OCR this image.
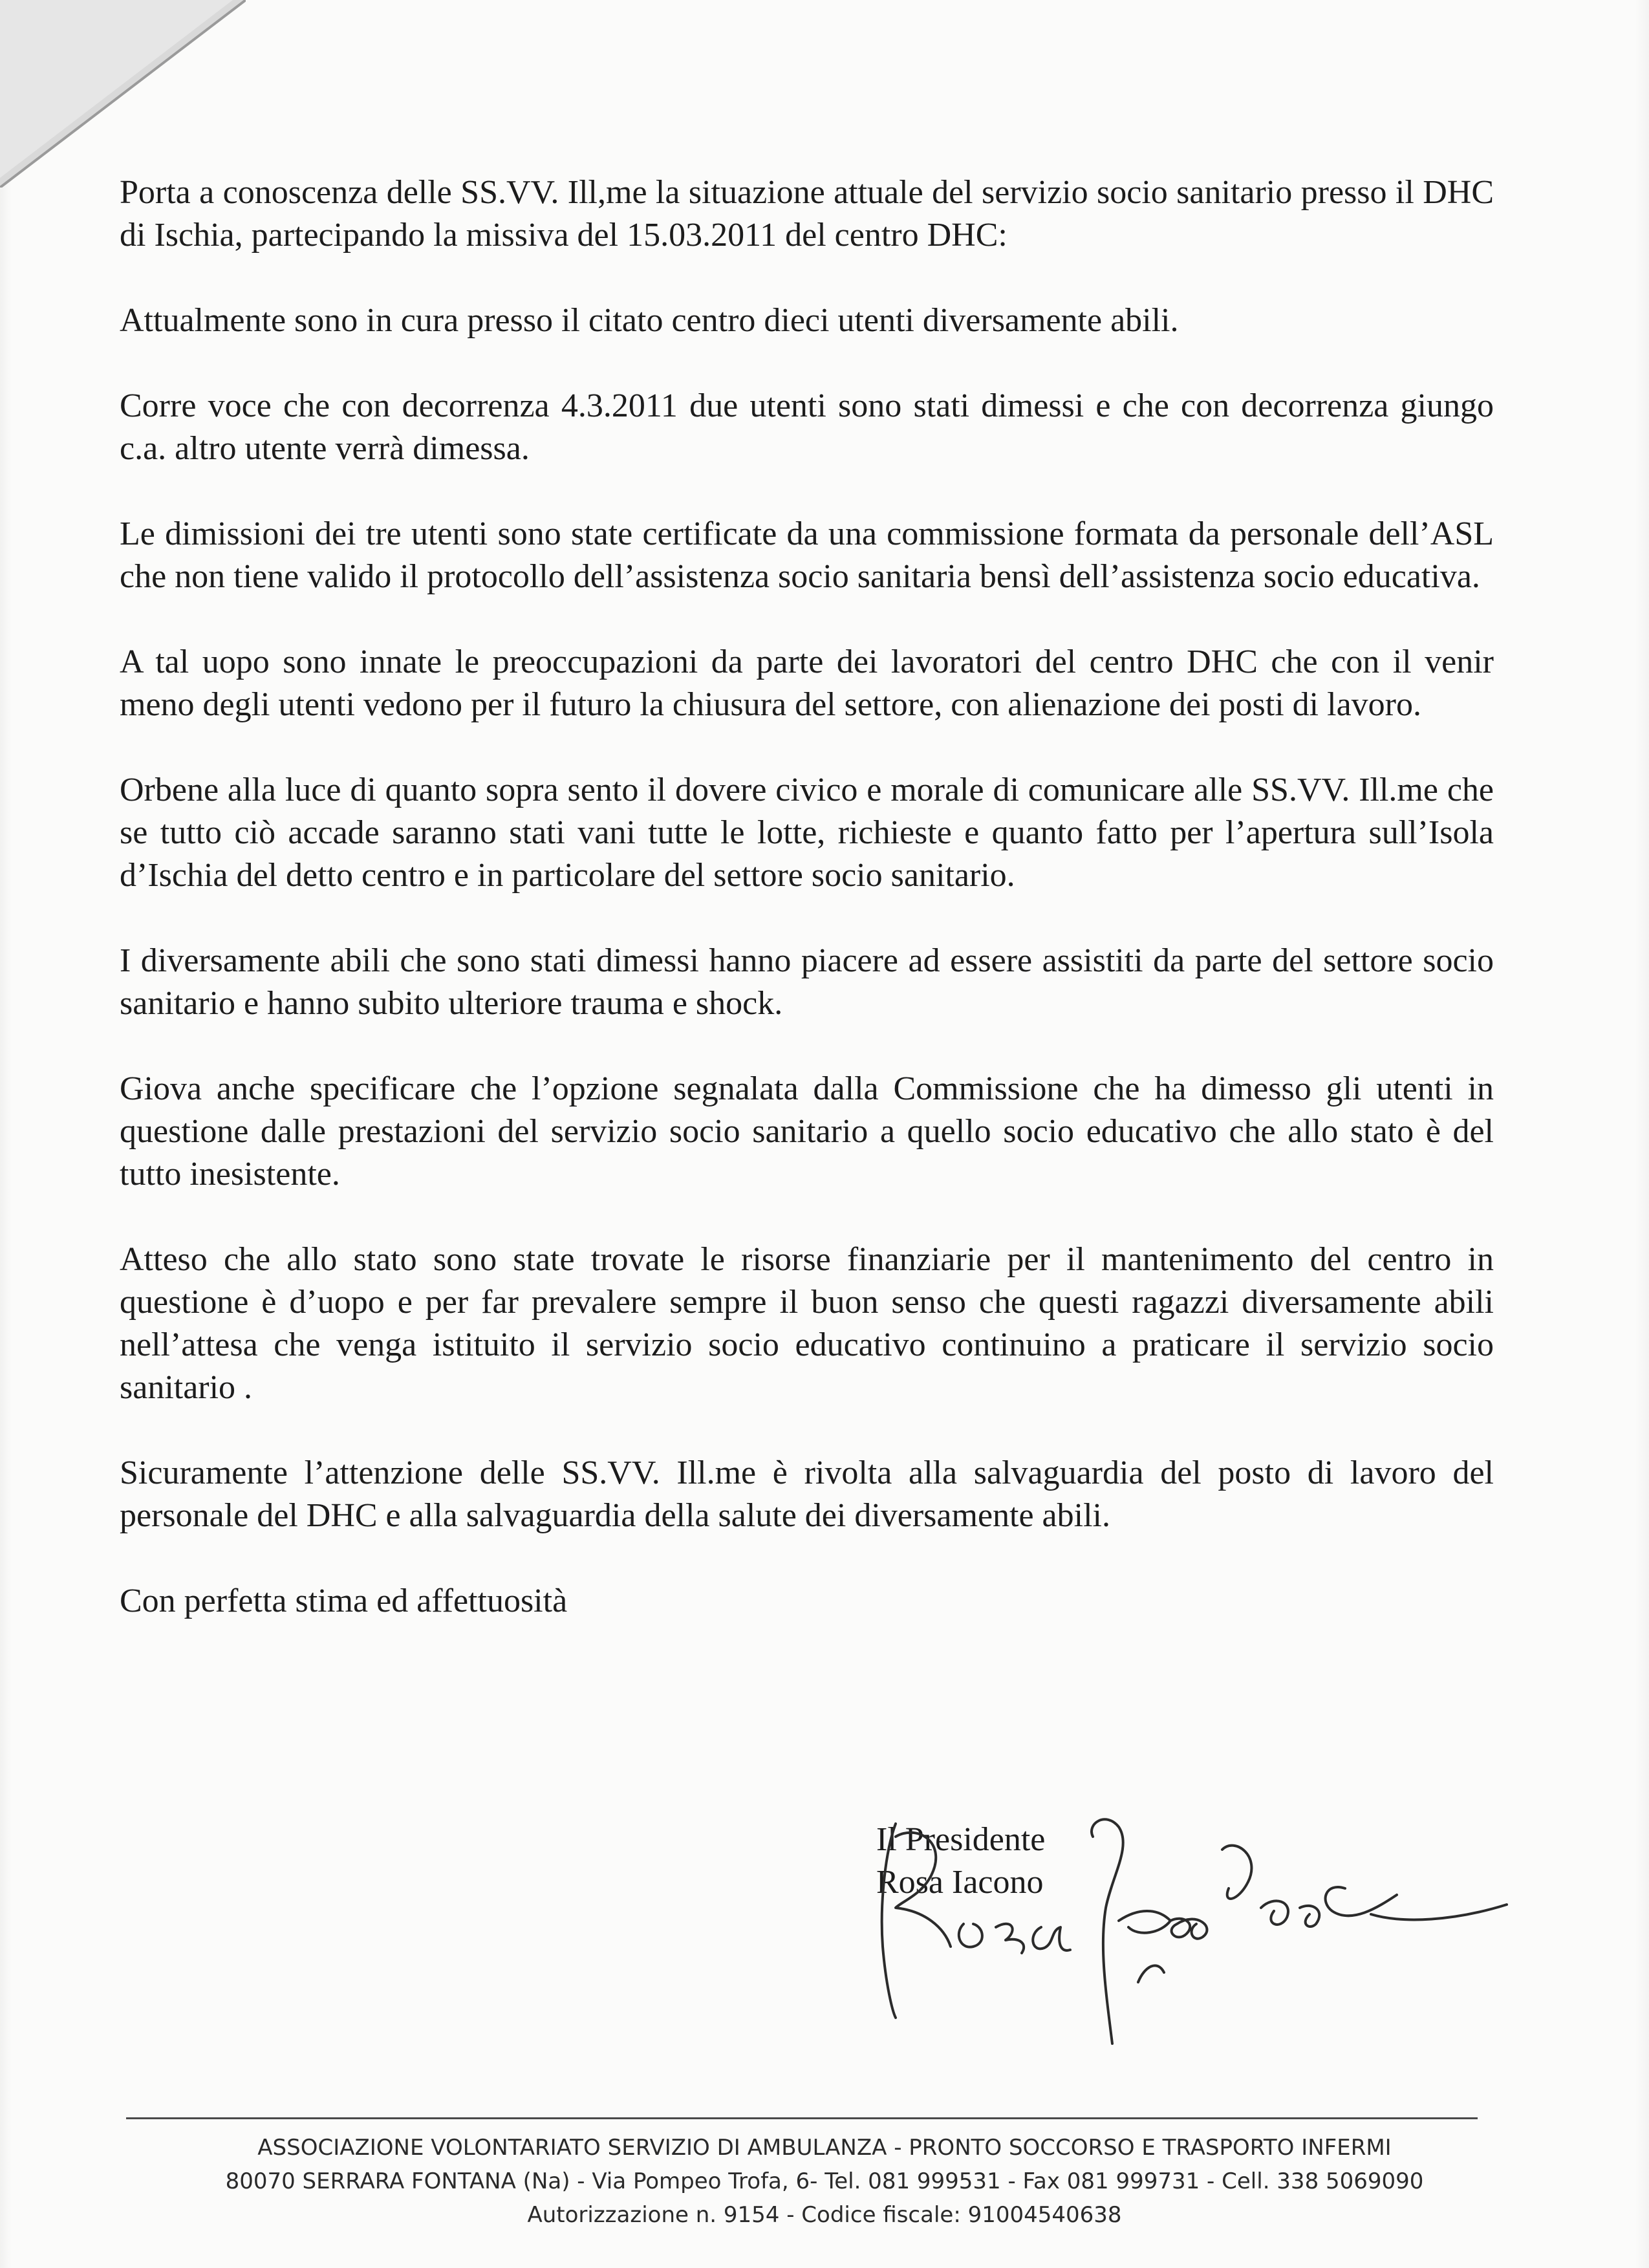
Porta a conoscenza delle SS.VV. Ill,me la situazione attuale del servizio socio sanitario presso il DHC di Ischia, partecipando la missiva del 15.03.2011 del centro DHC:

Attualmente sono in cura presso il citato centro dieci utenti diversamente abili.

Corre voce che con decorrenza 4.3.2011 due utenti sono stati dimessi e che con decorrenza giungo c.a. altro utente verrà dimessa.

Le dimissioni dei tre utenti sono state certificate da una commissione formata da personale dell’ASL che non tiene valido il protocollo dell’assistenza socio sanitaria bensì dell’assistenza socio educativa.

A tal uopo sono innate le preoccupazioni da parte dei lavoratori del centro DHC che con il venir meno degli utenti vedono per il futuro la chiusura del settore, con alienazione dei posti di lavoro.

Orbene alla luce di quanto sopra sento il dovere civico e morale di comunicare alle SS.VV. Ill.me che se tutto ciò accade saranno stati vani tutte le lotte, richieste e quanto fatto per l’apertura sull’Isola d’Ischia del detto centro e in particolare del settore socio sanitario.

I diversamente abili che sono stati dimessi hanno piacere ad essere assistiti da parte del settore socio sanitario e hanno subito ulteriore trauma e shock.

Giova anche specificare che l’opzione segnalata dalla Commissione che ha dimesso gli utenti in questione dalle prestazioni del servizio socio sanitario a quello socio educativo che allo stato è del tutto inesistente.

Atteso che allo stato sono state trovate le risorse finanziarie per il mantenimento del centro in questione è d’uopo e per far prevalere sempre il buon senso che questi ragazzi diversamente abili nell’attesa che venga istituito il servizio socio educativo continuino a praticare il servizio socio sanitario .

Sicuramente l’attenzione delle SS.VV. Ill.me è rivolta alla salvaguardia del posto di lavoro del personale del DHC e alla salvaguardia della salute dei diversamente abili.

Con perfetta stima ed affettuosità

Il Presidente
Rosa Iacono
ASSOCIAZIONE VOLONTARIATO SERVIZIO DI AMBULANZA - PRONTO SOCCORSO E TRASPORTO INFERMI
80070 SERRARA FONTANA (Na) - Via Pompeo Trofa, 6- Tel. 081 999531 - Fax 081 999731 - Cell. 338 5069090
Autorizzazione n. 9154 - Codice fiscale: 91004540638
